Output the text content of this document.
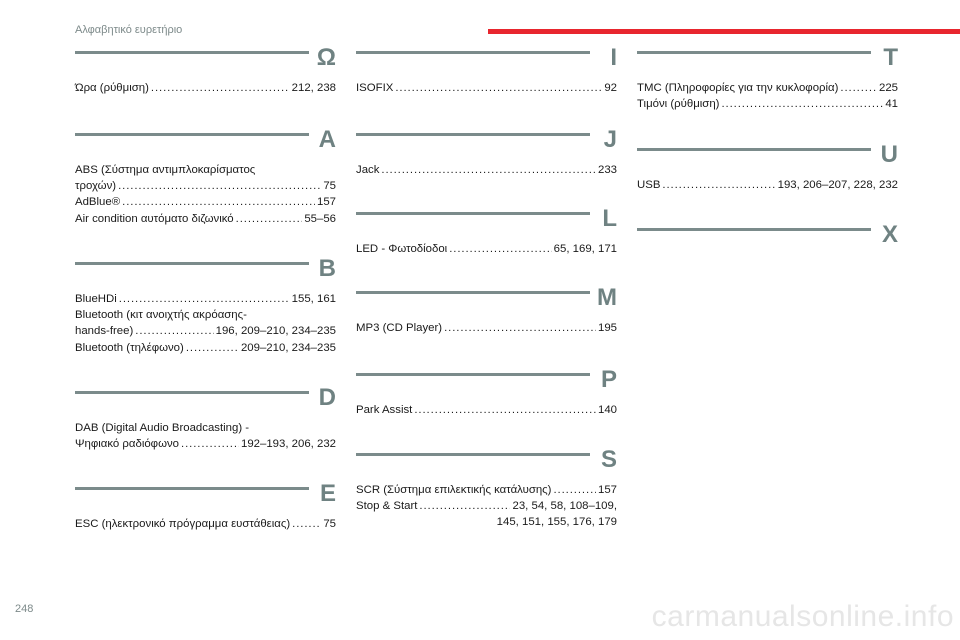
Αλφαβητικό ευρετήριο
Ω
Ώρα (ρύθμιση) .....	212, 238
A
ABS (Σύστημα αντιμπλοκαρίσματος
τροχών) .....	75
AdBlue® .....	157
Air condition αυτόματο διζωνικό .....	55–56
B
BlueHDi .....	155, 161
Bluetooth (κιτ ανοιχτής ακρόασης-
hands-free) .....	196, 209–210, 234–235
Bluetooth (τηλέφωνο) .....	209–210, 234–235
D
DAB (Digital Audio Broadcasting) -
Ψηφιακό ραδιόφωνο .....	192–193, 206, 232
E
ESC (ηλεκτρονικό πρόγραμμα ευστάθειας) .....	75
I
ISOFIX .....	92
J
Jack .....	233
L
LED - Φωτοδίοδοι .....	65, 169, 171
M
MP3 (CD Player) .....	195
P
Park Assist .....	140
S
SCR (Σύστημα επιλεκτικής κατάλυσης) .....	157
Stop & Start .....	23, 54, 58, 108–109,
145, 151, 155, 176, 179
T
TMC (Πληροφορίες για την κυκλοφορία) .....	225
Τιμόνι (ρύθμιση) .....	41
U
USB .....	193, 206–207, 228, 232
X
248	carmanualsonline.info
